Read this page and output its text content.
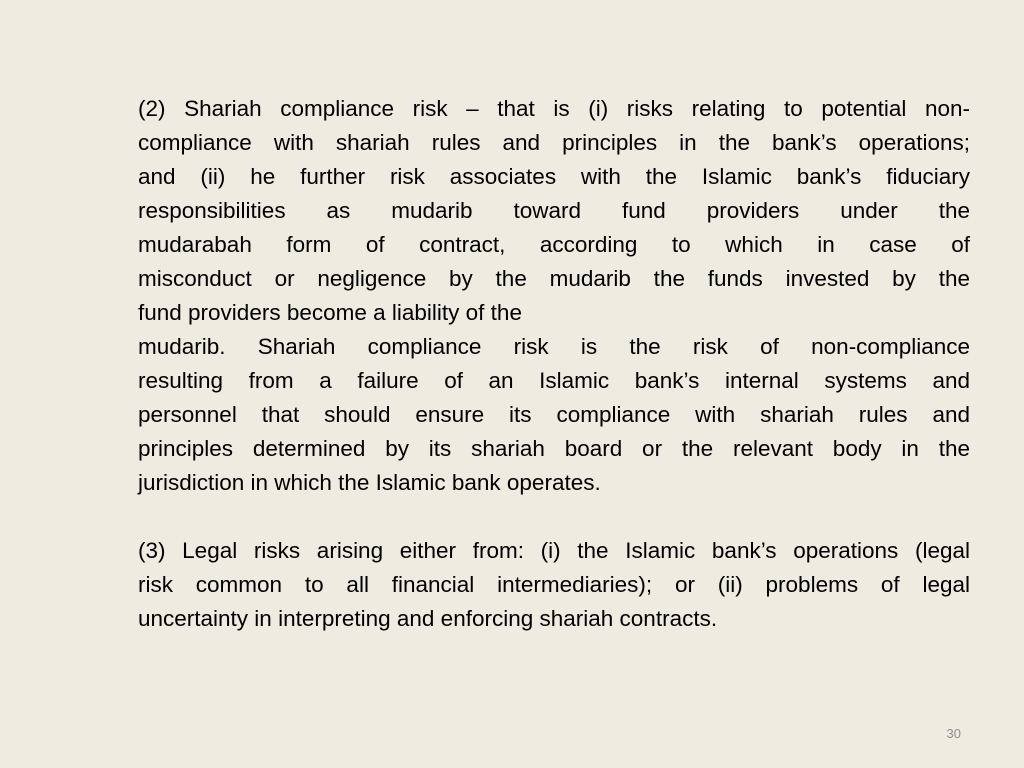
(2) Shariah compliance risk – that is (i) risks relating to potential non-
compliance with shariah rules and principles in the bank’s operations;
and (ii) he further risk associates with the Islamic bank’s fiduciary
responsibilities as mudarib toward fund providers under the
mudarabah form of contract, according to which in case of
misconduct or negligence by the mudarib the funds invested by the
fund providers become a liability of the
mudarib. Shariah compliance risk is the risk of non-compliance
resulting from a failure of an Islamic bank’s internal systems and
personnel that should ensure its compliance with shariah rules and
principles determined by its shariah board or the relevant body in the
jurisdiction in which the Islamic bank operates.

(3) Legal risks arising either from: (i) the Islamic bank’s operations (legal
risk common to all financial intermediaries); or (ii) problems of legal
uncertainty in interpreting and enforcing shariah contracts.

30
